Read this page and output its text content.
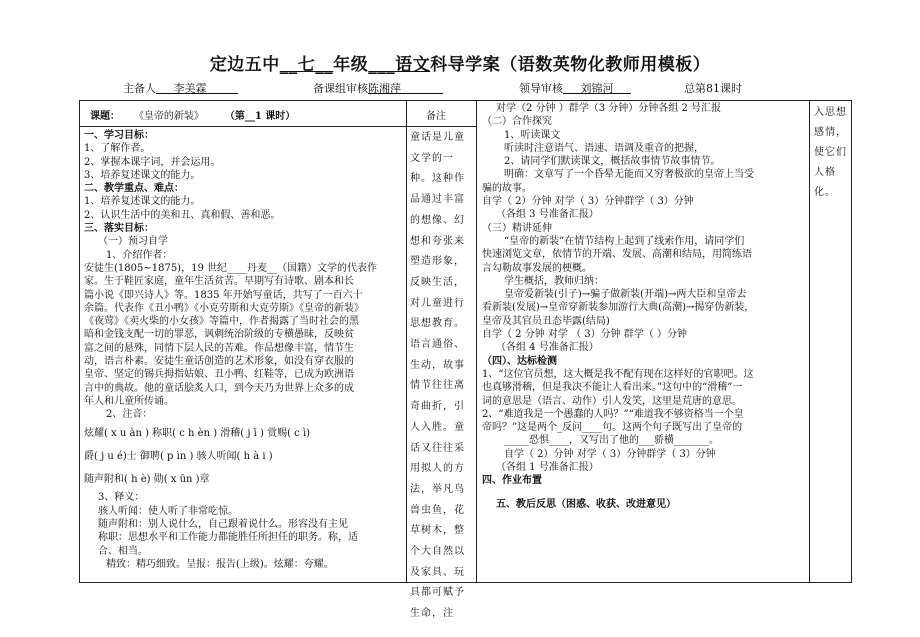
定边五中__七__年级___语文科导学案（语数英物化教师用模板）
主备人 李美霖	备课组审核陈湘萍	领导审核 刘锦河	总第81课时
课题： 《皇帝的新装》 （第__1 课时）	备注
一、学习目标：
1、了解作者。
2、掌握本课字词，并会运用。
3、培养复述课文的能力。
二、教学重点、难点：
1、培养复述课文的能力。
2、认识生活中的美和丑、真和假、善和恶。
三、落实目标：
（一）预习自学
1、介绍作者：
安徒生(1805~1875)，19 世纪____丹麦__（国籍）文学的代表作
家。生于鞋匠家庭，童年生活贫苦。早期写有诗歌、剧本和长
篇小说《即兴诗人》等。1835 年开始写童话，共写了一百六十
余篇。代表作《丑小鸭》《小克劳斯和大克劳斯》《皇帝的新装》
《夜莺》《卖火柴的小女孩》等篇中，作者揭露了当时社会的黑
暗和金钱支配一切的罪恶，讽刺统治阶级的专横愚昧，反映贫
富之间的悬殊，同情下层人民的苦难。作品想像丰富，情节生
动，语言朴素。安徒生童话创造的艺术形象，如没有穿衣服的
皇帝、坚定的锡兵拇指姑娘、丑小鸭、红鞋等，已成为欧洲语
言中的典故。他的童话脍炙人口，到今天乃为世界上众多的成
年人和儿童所传诵。
2、注音：
炫耀( x u àn ) 称职( c h èn ) 滑稽( j ī ) 赏赐( c ì)
爵( j u é)士 御聘( p ìn ) 骇人听闻( h à i )
随声附和( h è) 勋( x ūn )章
3、释义：
骇人听闻：使人听了非常吃惊。
随声附和：别人说什么，自己跟着说什么。形容没有主见
称职：思想水平和工作能力都能胜任所担任的职务。称，适
合、相当。
精致：精巧细致。呈报：报告(上级)。炫耀：夸耀。
童话是儿童文学的一种。这种作品通过丰富的想像、幻想和夸张来塑造形象，反映生活，对儿童进行思想教育。语言通俗、生动，故事情节往往离奇曲折，引人入胜。童话又往往采用拟人的方法，举凡鸟兽虫鱼，花草树木，整个大自然以及家具、玩具都可赋予生命，注
对学（2 分钟 ）群学（3 分钟）分钟各组 2 号汇报
（二）合作探究
1、听读课文
听读时注意语气、语速、语调及重音的把握，
2、请同学们默读课文，概括故事情节故事情节。
明确：文章写了一个昏晕无能而又穷奢极欲的皇帝上当受
骗的故事。
自学（ 2）分钟 对学（ 3）分钟群学（ 3）分钟
（各组 3 号准备汇报）
（三）精讲延伸
“皇帝的新装”在情节结构上起到了线索作用，请同学们
快速浏览文章，依情节的开端、发展、高潮和结局，用简练语
言勾勒故事发展的梗概。
学生概括，教师归纳：
皇帝爱新装(引子)→骗子做新装(开端)→两大臣和皇帝去
看新装(发展)→皇帝穿新装参加游行大典(高潮)→揭穿伪新装，
皇帝及其官员丑态毕露(结局)
自学（ 2 分钟 对学 （ 3）分钟 群学（ ）分钟
（各组 4 号准备汇报）
（四）、达标检测
1、“这位官员想，这大概是我不配有现在这样好的官职吧。这
也真够滑稽，但是我决不能让人看出来。”这句中的“滑稽”一
词的意思是（语言、动作）引人发笑，这里是荒唐的意思。
2、“难道我是一个愚蠢的人吗？”“难道我不够资格当一个皇
帝吗？”这是两个_反问____句。这两个句子既写出了皇帝的
_____恐惧____，又写出了他的___骄横_______。
自学（ 2）分钟 对学（ 3）分钟群学（ 3）分钟
（各组 1 号准备汇报）
四、作业布置
五、教后反思（困惑、收获、改进意见）
入思想感情，使它们人格化。
